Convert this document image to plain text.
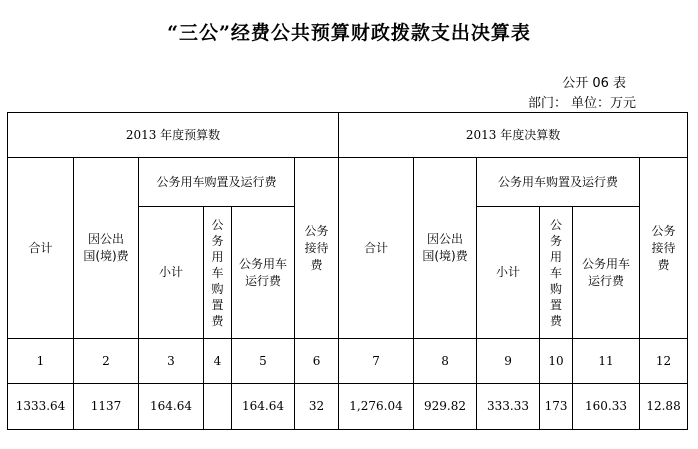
“三公”经费公共预算财政拨款支出决算表
公开 06 表
部门： 单位：万元
2013 年度预算数						2013 年度决算数					
合计	因公出国(境)费	公务用车购置及运行费			公务接待费	合计	因公出国(境)费	公务用车购置及运行费			公务接待费

		小计	公务用车购置费	公务用车运行费				小计	公务用车购置费	公务用车运行费	

1	2	3	4	5	6	7	8	9	10	11	12
1333.64	1137	164.64		164.64	32	1,276.04	929.82	333.33	173	160.33	12.88
